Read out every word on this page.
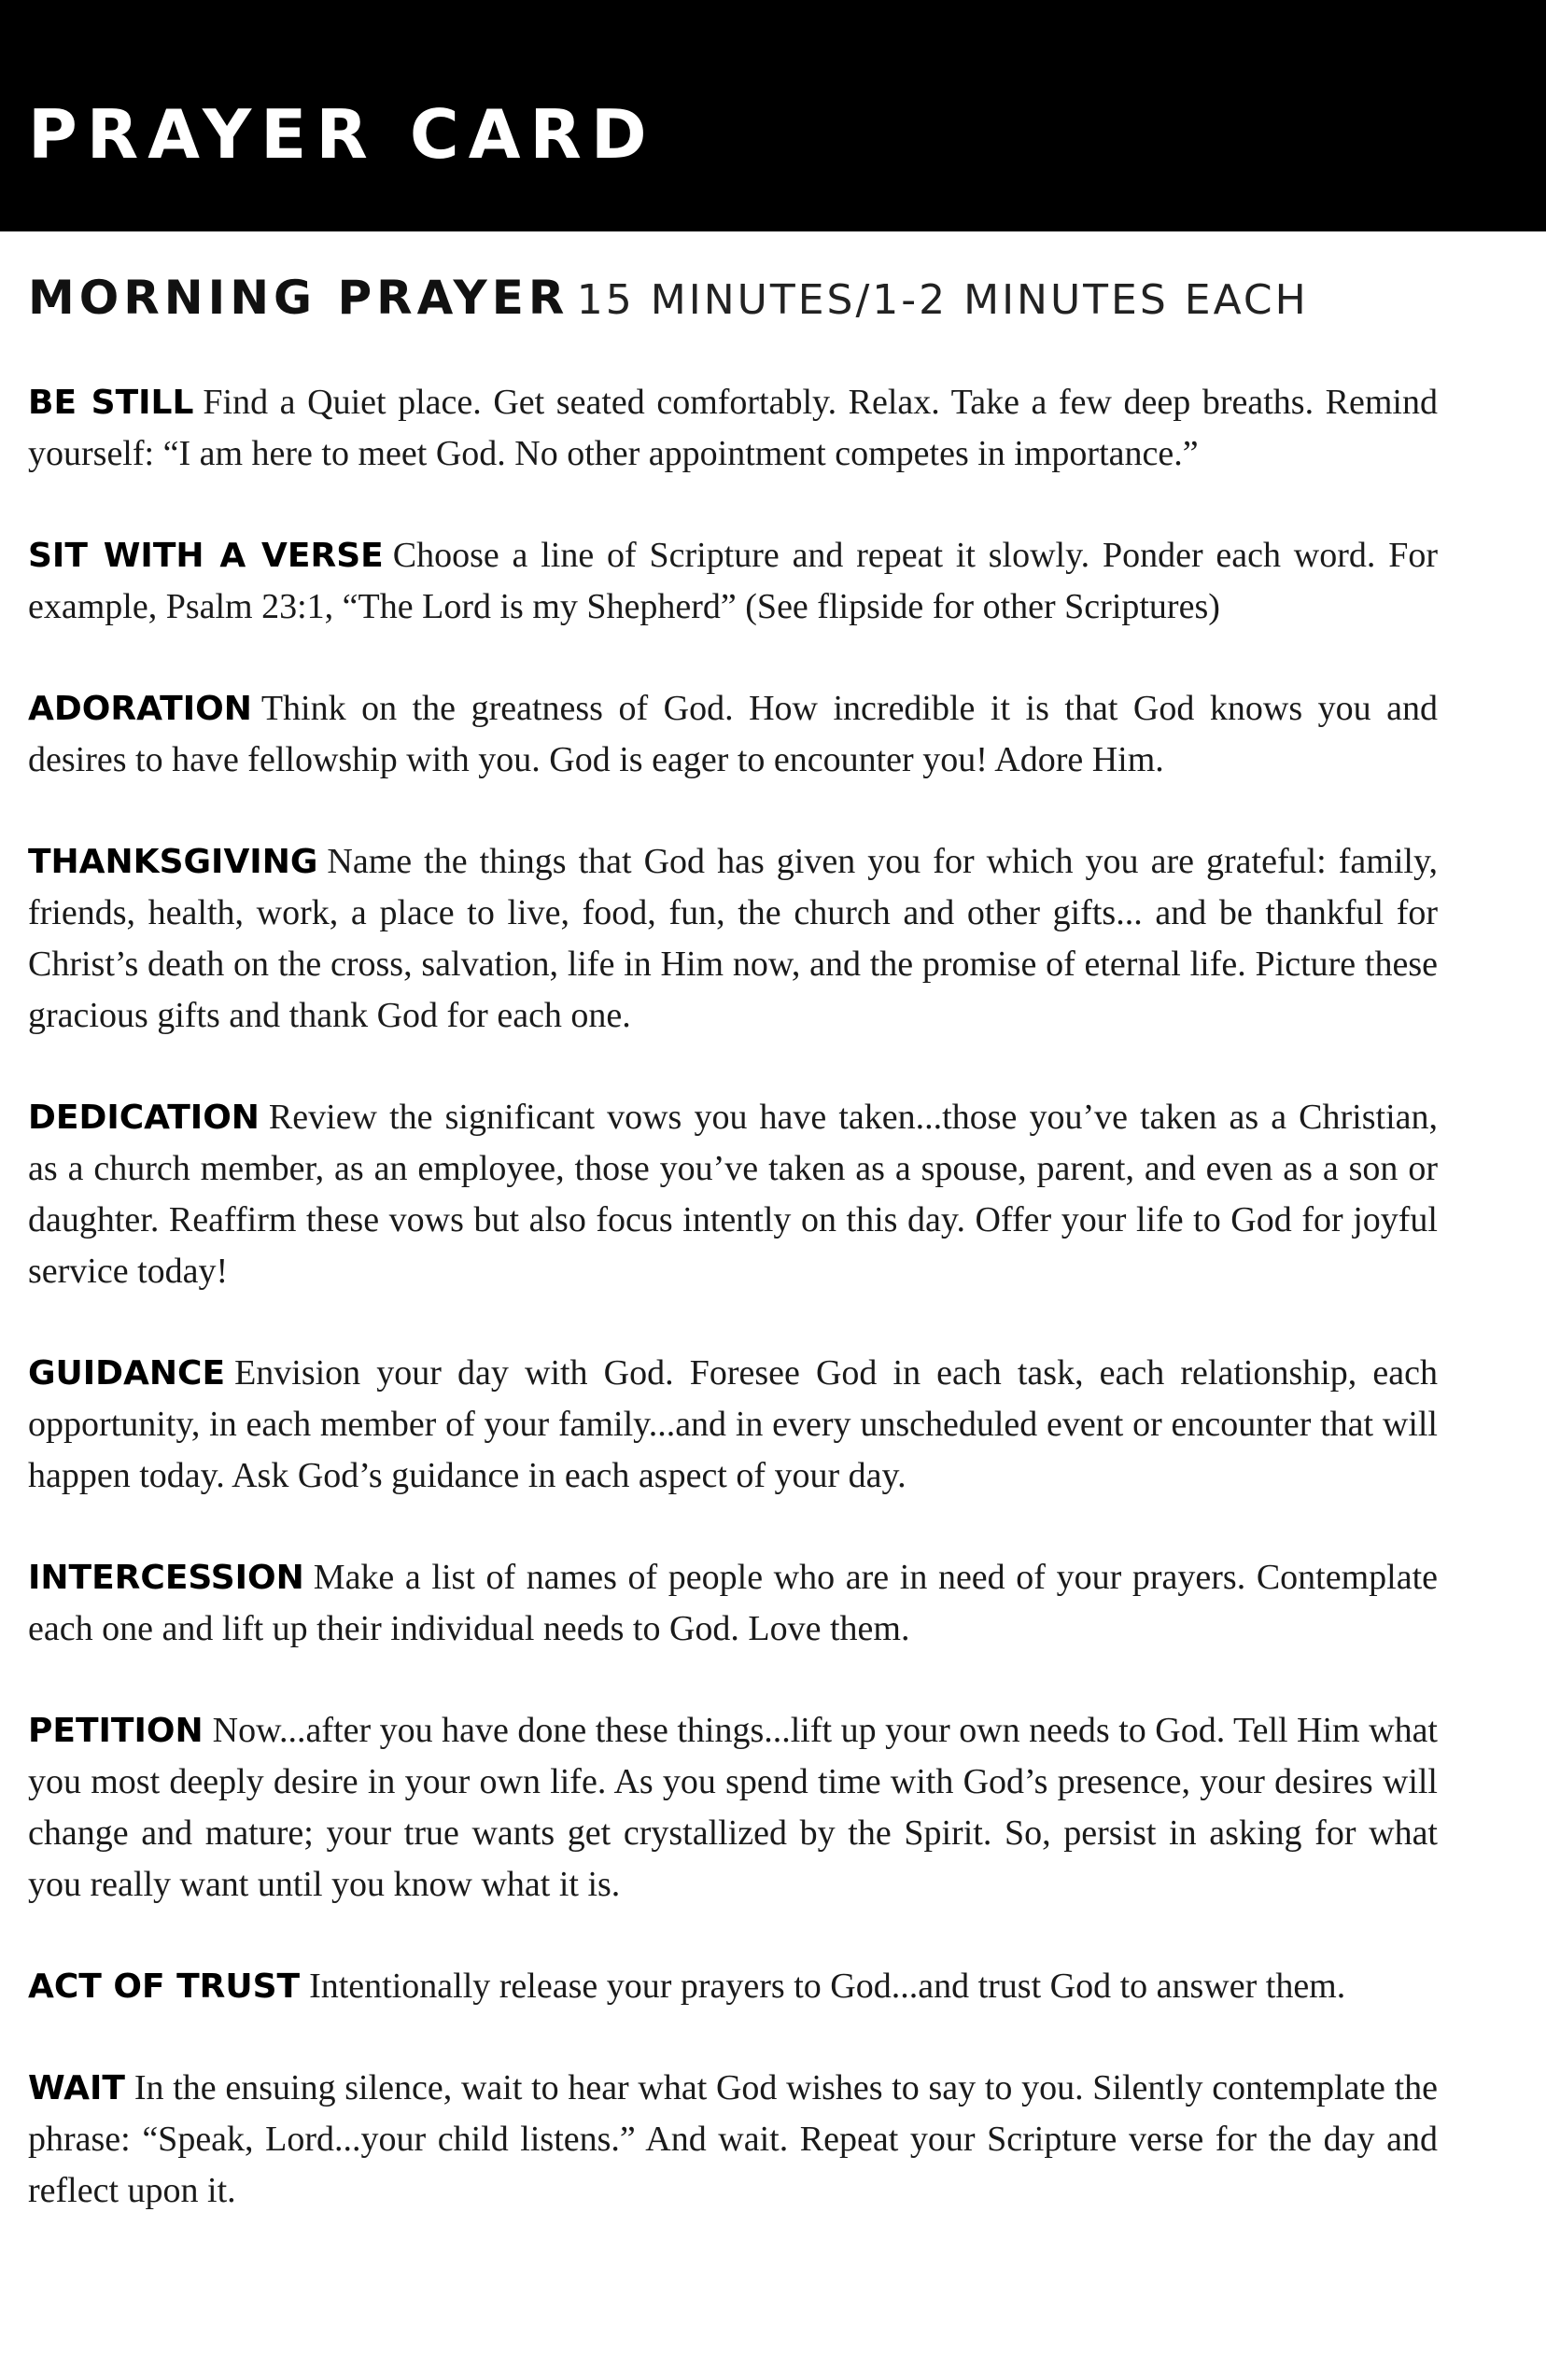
PRAYER CARD
MORNING PRAYER 15 MINUTES/1-2 MINUTES EACH

BE STILL Find a Quiet place. Get seated comfortably. Relax. Take a few deep breaths. Remind yourself: “I am here to meet God. No other appointment competes in importance.”

SIT WITH A VERSE Choose a line of Scripture and repeat it slowly. Ponder each word. For example, Psalm 23:1, “The Lord is my Shepherd” (See flipside for other Scriptures)

ADORATION Think on the greatness of God. How incredible it is that God knows you and desires to have fellowship with you. God is eager to encounter you! Adore Him.

THANKSGIVING Name the things that God has given you for which you are grateful: family, friends, health, work, a place to live, food, fun, the church and other gifts... and be thankful for Christ’s death on the cross, salvation, life in Him now, and the promise of eternal life. Picture these gracious gifts and thank God for each one.

DEDICATION Review the significant vows you have taken...those you’ve taken as a Christian, as a church member, as an employee, those you’ve taken as a spouse, parent, and even as a son or daughter. Reaffirm these vows but also focus intently on this day. Offer your life to God for joyful service today!

GUIDANCE Envision your day with God. Foresee God in each task, each relationship, each opportunity, in each member of your family...and in every unscheduled event or encounter that will happen today. Ask God’s guidance in each aspect of your day.

INTERCESSION Make a list of names of people who are in need of your prayers. Contemplate each one and lift up their individual needs to God. Love them.

PETITION Now...after you have done these things...lift up your own needs to God. Tell Him what you most deeply desire in your own life. As you spend time with God’s presence, your desires will change and mature; your true wants get crystallized by the Spirit. So, persist in asking for what you really want until you know what it is.

ACT OF TRUST Intentionally release your prayers to God...and trust God to answer them.

WAIT In the ensuing silence, wait to hear what God wishes to say to you. Silently contemplate the phrase: “Speak, Lord...your child listens.” And wait. Repeat your Scripture verse for the day and reflect upon it.
